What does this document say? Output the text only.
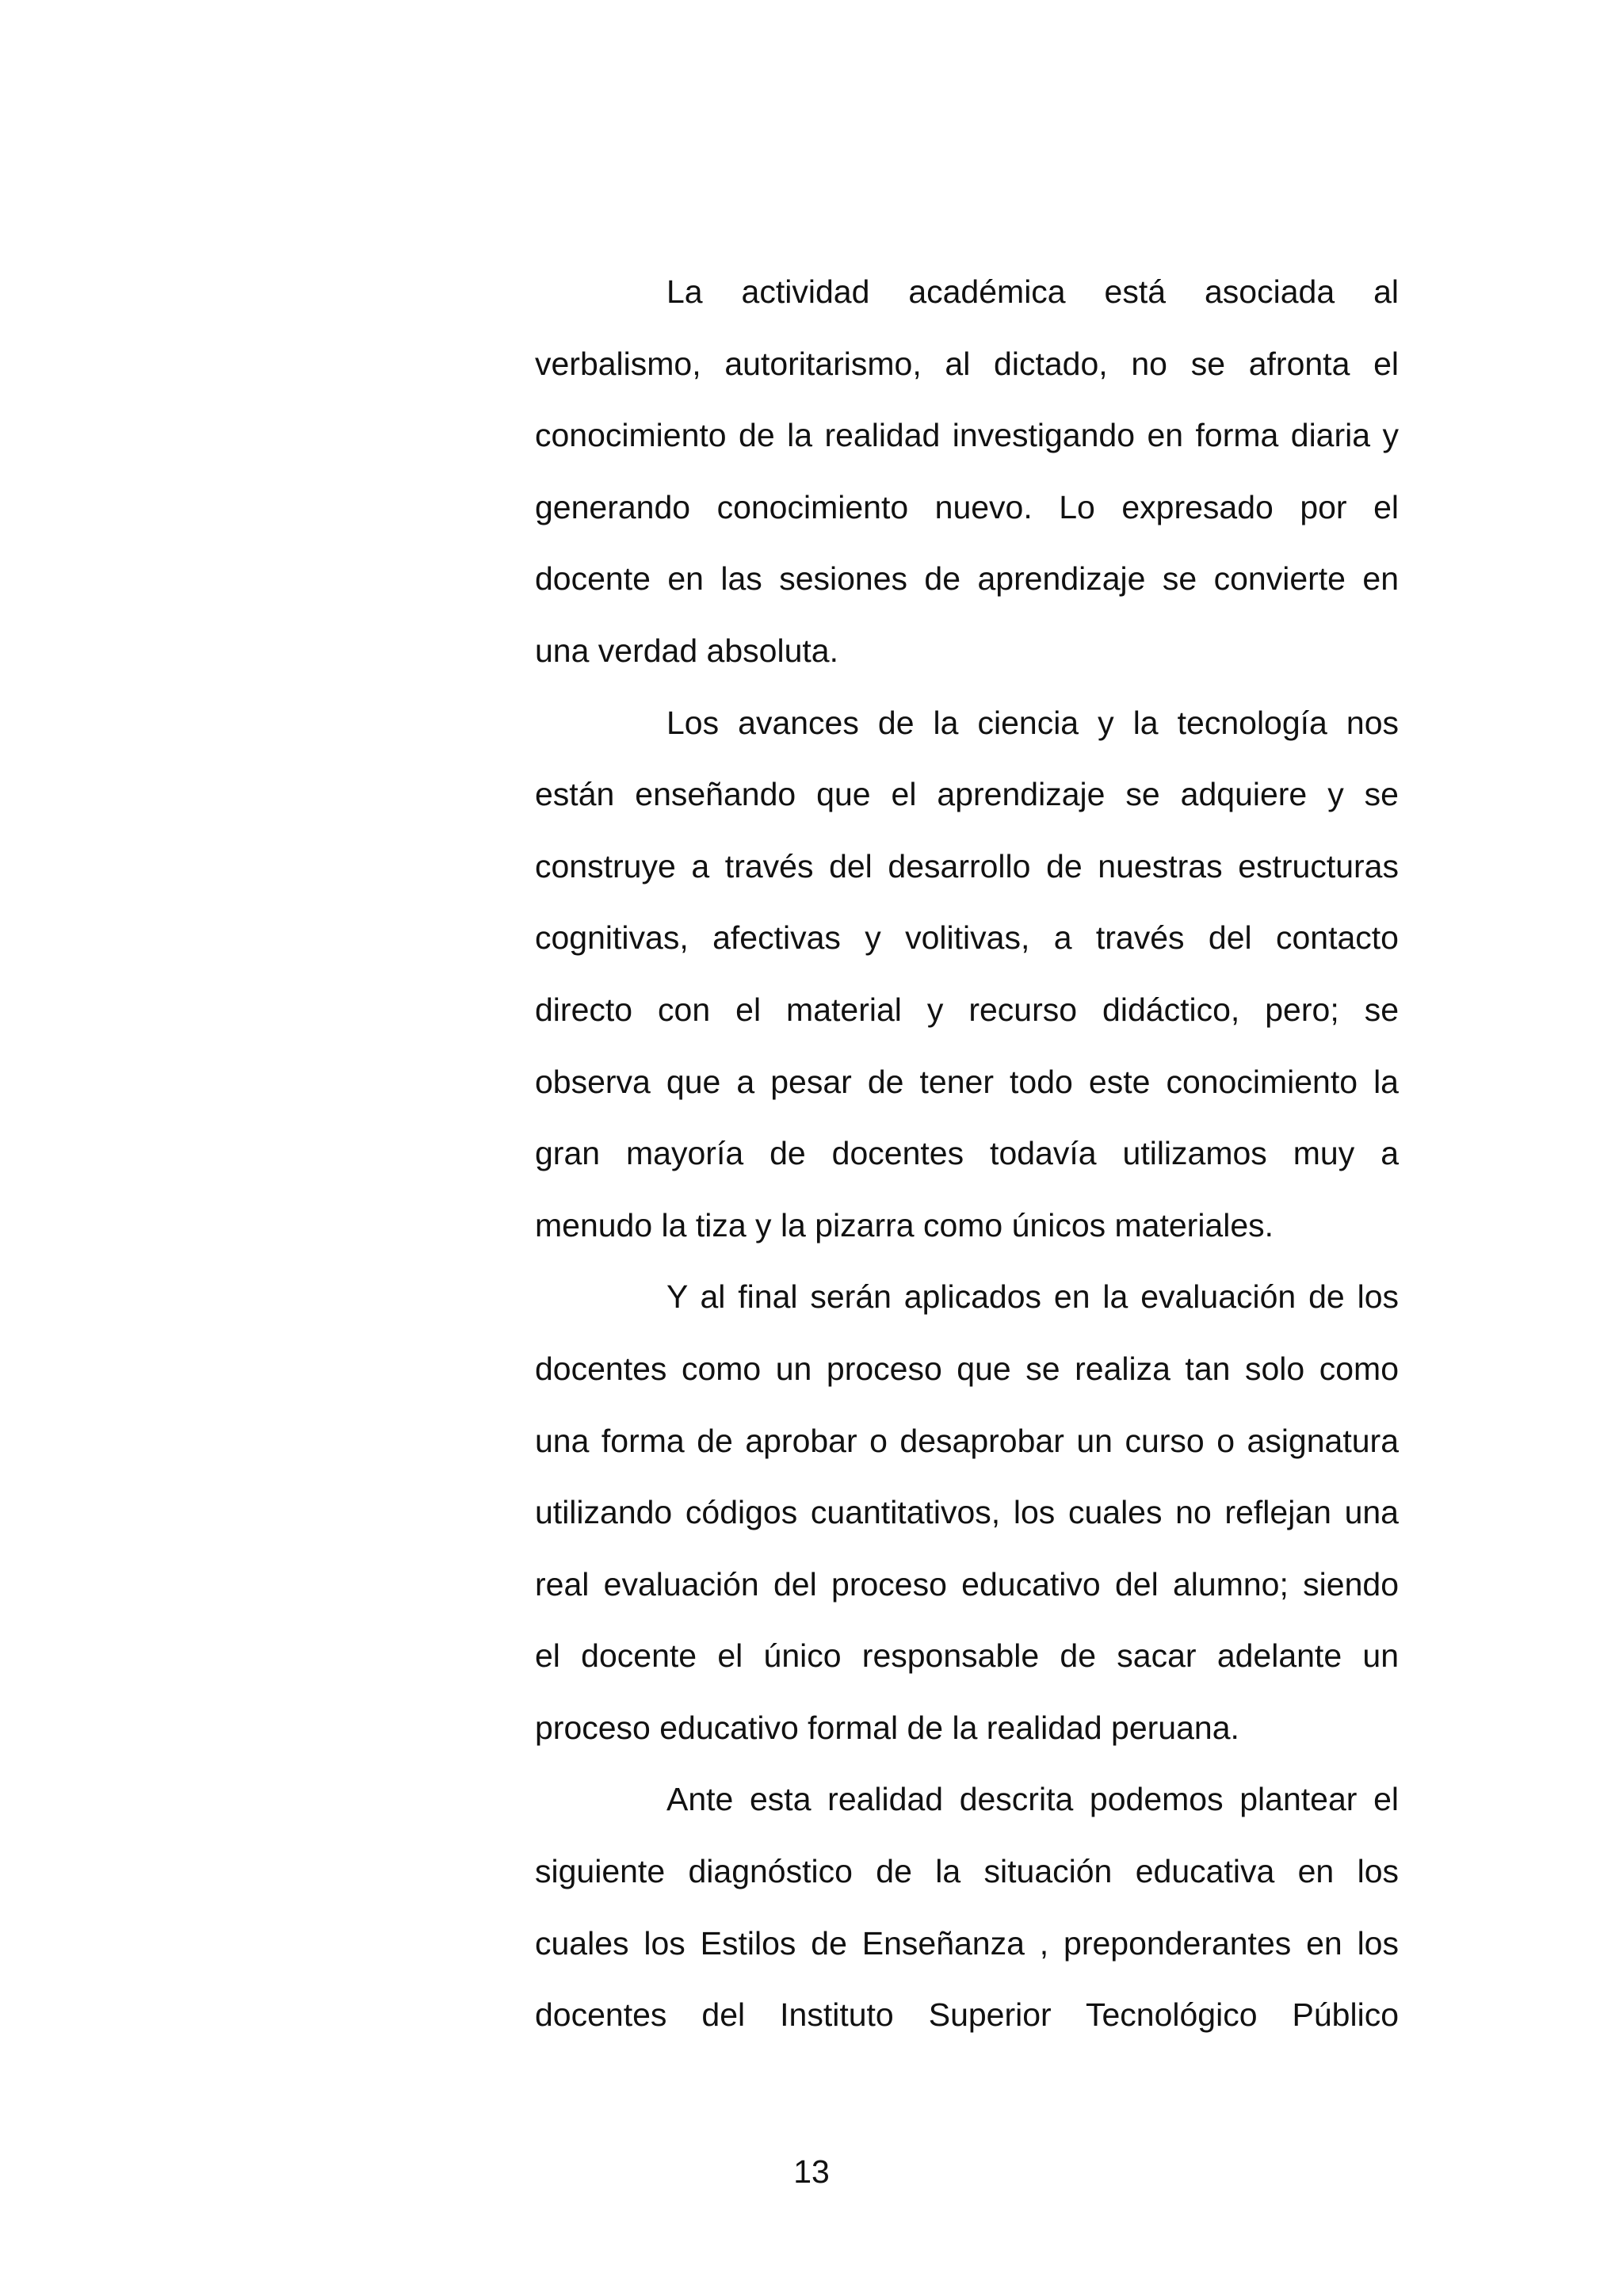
La actividad académica está asociada al
verbalismo, autoritarismo, al dictado, no se afronta el
conocimiento de la realidad investigando en forma diaria y
generando conocimiento nuevo. Lo expresado por el
docente en las sesiones de aprendizaje se convierte en
una verdad absoluta.
Los avances de la ciencia y la tecnología nos
están enseñando que el aprendizaje se adquiere y se
construye a través del desarrollo de nuestras estructuras
cognitivas, afectivas y volitivas, a través del contacto
directo con el material y recurso didáctico, pero; se
observa que a pesar de tener todo este conocimiento la
gran mayoría de docentes todavía utilizamos muy a
menudo la tiza y la pizarra como únicos materiales.
Y al final serán aplicados en la evaluación de los
docentes como un proceso que se realiza tan solo como
una forma de aprobar o desaprobar un curso o asignatura
utilizando códigos cuantitativos, los cuales no reflejan una
real evaluación del proceso educativo del alumno; siendo
el docente el único responsable de sacar adelante un
proceso educativo formal de la realidad peruana.
Ante esta realidad descrita podemos plantear el
siguiente diagnóstico de la situación educativa en los
cuales los Estilos de Enseñanza , preponderantes en los
docentes del Instituto Superior Tecnológico Público
13
